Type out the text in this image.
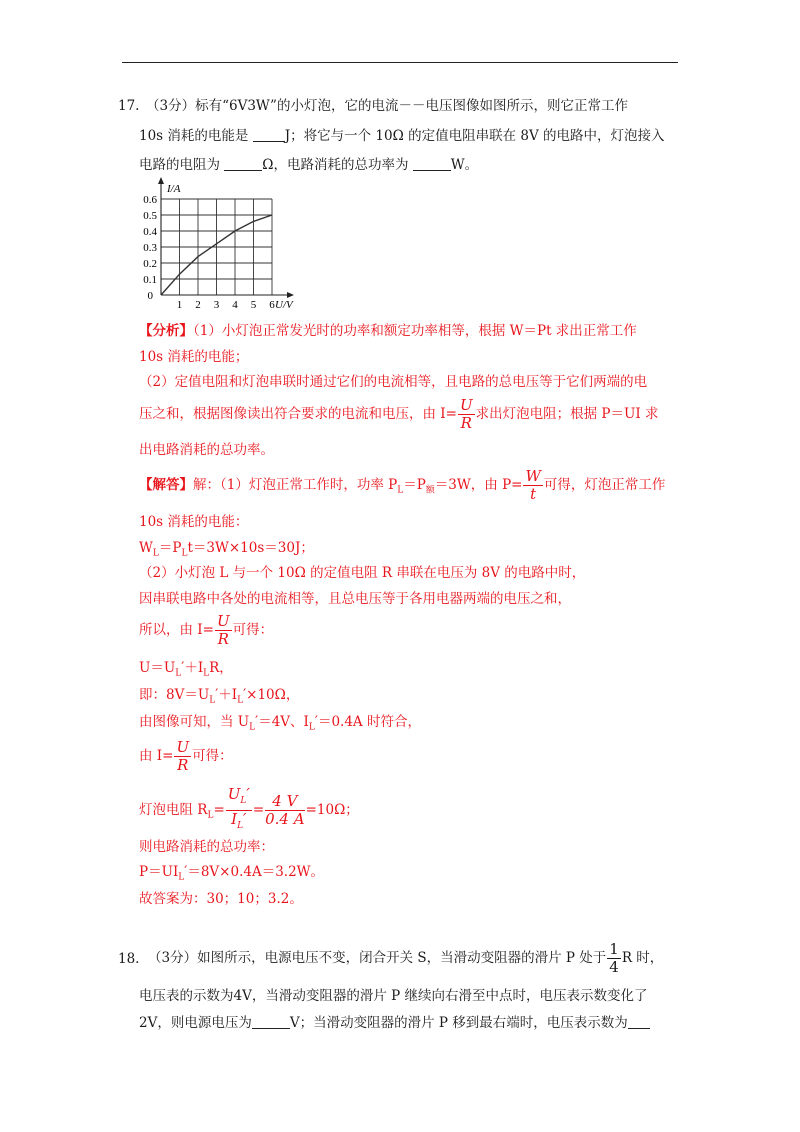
17. （3分）标有“6V3W”的小灯泡，它的电流－－电压图像如图所示，则它正常工作
10s 消耗的电能是 J；将它与一个 10Ω 的定值电阻串联在 8V 的电路中，灯泡接入
电路的电阻为	Ω，电路消耗的总功率为	W。
1 2 3 4 5 6
0.1
0.2
0.3
0.4
0.5
0.6
0
U/V
I/A
【分析】（1）小灯泡正常发光时的功率和额定功率相等，根据 W＝Pt 求出正常工作
10s 消耗的电能；
（2）定值电阻和灯泡串联时通过它们的电流相等，且电路的总电压等于它们两端的电
压之和，根据图像读出符合要求的电流和电压，由 $I= \frac{U}{R}$ 求出灯泡电阻；根据 P＝UI 求
出电路消耗的总功率。
【解答】解：（1）灯泡正常工作时，功率 $P_L=P_额=3W$，由 $P= \frac{W}{t}$ 可得，灯泡正常工作
10s 消耗的电能：
$W_L=P_Lt=3W\times 10s=30J$；
（2）小灯泡 L 与一个 10Ω 的定值电阻 R 串联在电压为 8V 的电路中时，
因串联电路中各处的电流相等，且总电压等于各用电器两端的电压之和，
所以，由 $I= \frac{U}{R}$ 可得：
$U=U_L'+I_LR$，
即：$8V=U_L'+I_L'\times 10\Omega$，
由图像可知，当 $U_L'=4V$、$I_L'=0.4A$ 时符合，
由 $I= \frac{U}{R}$ 可得：
灯泡电阻 $R_L= \frac{U_L'}{I_L'} = \frac{4 V}{0.4 A} =10\Omega$；
则电路消耗的总功率：
$P=UI_L'=8V\times 0.4A=3.2W$。
故答案为：30；10；3.2。
18. （3分）如图所示，电源电压不变，闭合开关 S，当滑动变阻器的滑片 P 处于 $\frac{1}{4}$ R 时，
电压表的示数为4V，当滑动变阻器的滑片 P 继续向右滑至中点时，电压表示数变化了
2V，则电源电压为	V；当滑动变阻器的滑片 P 移到最右端时，电压表示数为
